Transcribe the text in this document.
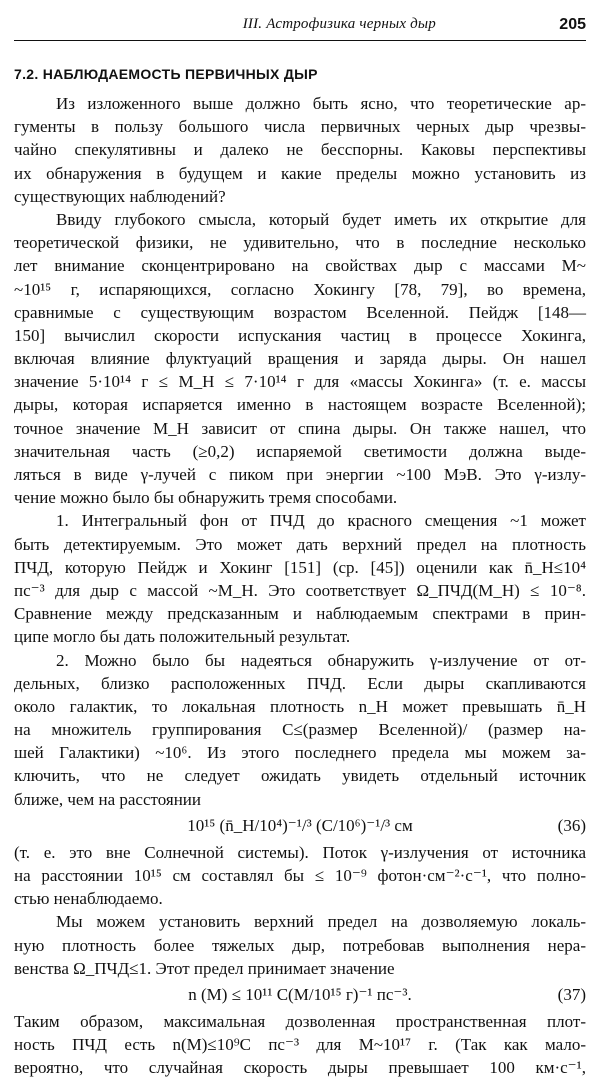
III. Астрофизика черных дыр	205
7.2. НАБЛЮДАЕМОСТЬ ПЕРВИЧНЫХ ДЫР
Из изложенного выше должно быть ясно, что теоретические ар-
гументы в пользу большого числа первичных черных дыр чрезвы-
чайно спекулятивны и далеко не бесспорны. Каковы перспективы
их обнаружения в будущем и какие пределы можно установить из
существующих наблюдений?
Ввиду глубокого смысла, который будет иметь их открытие для
теоретической физики, не удивительно, что в последние несколько
лет внимание сконцентрировано на свойствах дыр с массами M~
~10¹⁵ г, испаряющихся, согласно Хокингу [78, 79], во времена,
сравнимые с существующим возрастом Вселенной. Пейдж [148—
150] вычислил скорости испускания частиц в процессе Хокинга,
включая влияние флуктуаций вращения и заряда дыры. Он нашел
значение 5·10¹⁴ г ≤ M_H ≤ 7·10¹⁴ г для «массы Хокинга» (т. е. массы
дыры, которая испаряется именно в настоящем возрасте Вселенной);
точное значение M_H зависит от спина дыры. Он также нашел, что
значительная часть (≥0,2) испаряемой светимости должна выде-
ляться в виде γ-лучей с пиком при энергии ~100 МэВ. Это γ-излу-
чение можно было бы обнаружить тремя способами.
1. Интегральный фон от ПЧД до красного смещения ~1 может
быть детектируемым. Это может дать верхний предел на плотность
ПЧД, которую Пейдж и Хокинг [151] (ср. [45]) оценили как n̄_H≤10⁴
пс⁻³ для дыр с массой ~M_H. Это соответствует Ω_ПЧД(M_H) ≤ 10⁻⁸.
Сравнение между предсказанным и наблюдаемым спектрами в прин-
ципе могло бы дать положительный результат.
2. Можно было бы надеяться обнаружить γ-излучение от от-
дельных, близко расположенных ПЧД. Если дыры скапливаются
около галактик, то локальная плотность n_H может превышать n̄_H
на множитель группирования C≤(размер Вселенной)/ (размер на-
шей Галактики) ~10⁶. Из этого последнего предела мы можем за-
ключить, что не следует ожидать увидеть отдельный источник
ближе, чем на расстоянии
10¹⁵ (n̄_H/10⁴)⁻¹/³ (C/10⁶)⁻¹/³ см	(36)
(т. е. это вне Солнечной системы). Поток γ-излучения от источника
на расстоянии 10¹⁵ см составлял бы ≤ 10⁻⁹ фотон·см⁻²·с⁻¹, что полно-
стью ненаблюдаемо.
Мы можем установить верхний предел на дозволяемую локаль-
ную плотность более тяжелых дыр, потребовав выполнения нера-
венства Ω_ПЧД≤1. Этот предел принимает значение
n (M) ≤ 10¹¹ C(M/10¹⁵ г)⁻¹ пс⁻³.	(37)
Таким образом, максимальная дозволенная пространственная плот-
ность ПЧД есть n(M)≤10⁹C пс⁻³ для M~10¹⁷ г. (Так как мало-
вероятно, что случайная скорость дыры превышает 100 км·с⁻¹,
